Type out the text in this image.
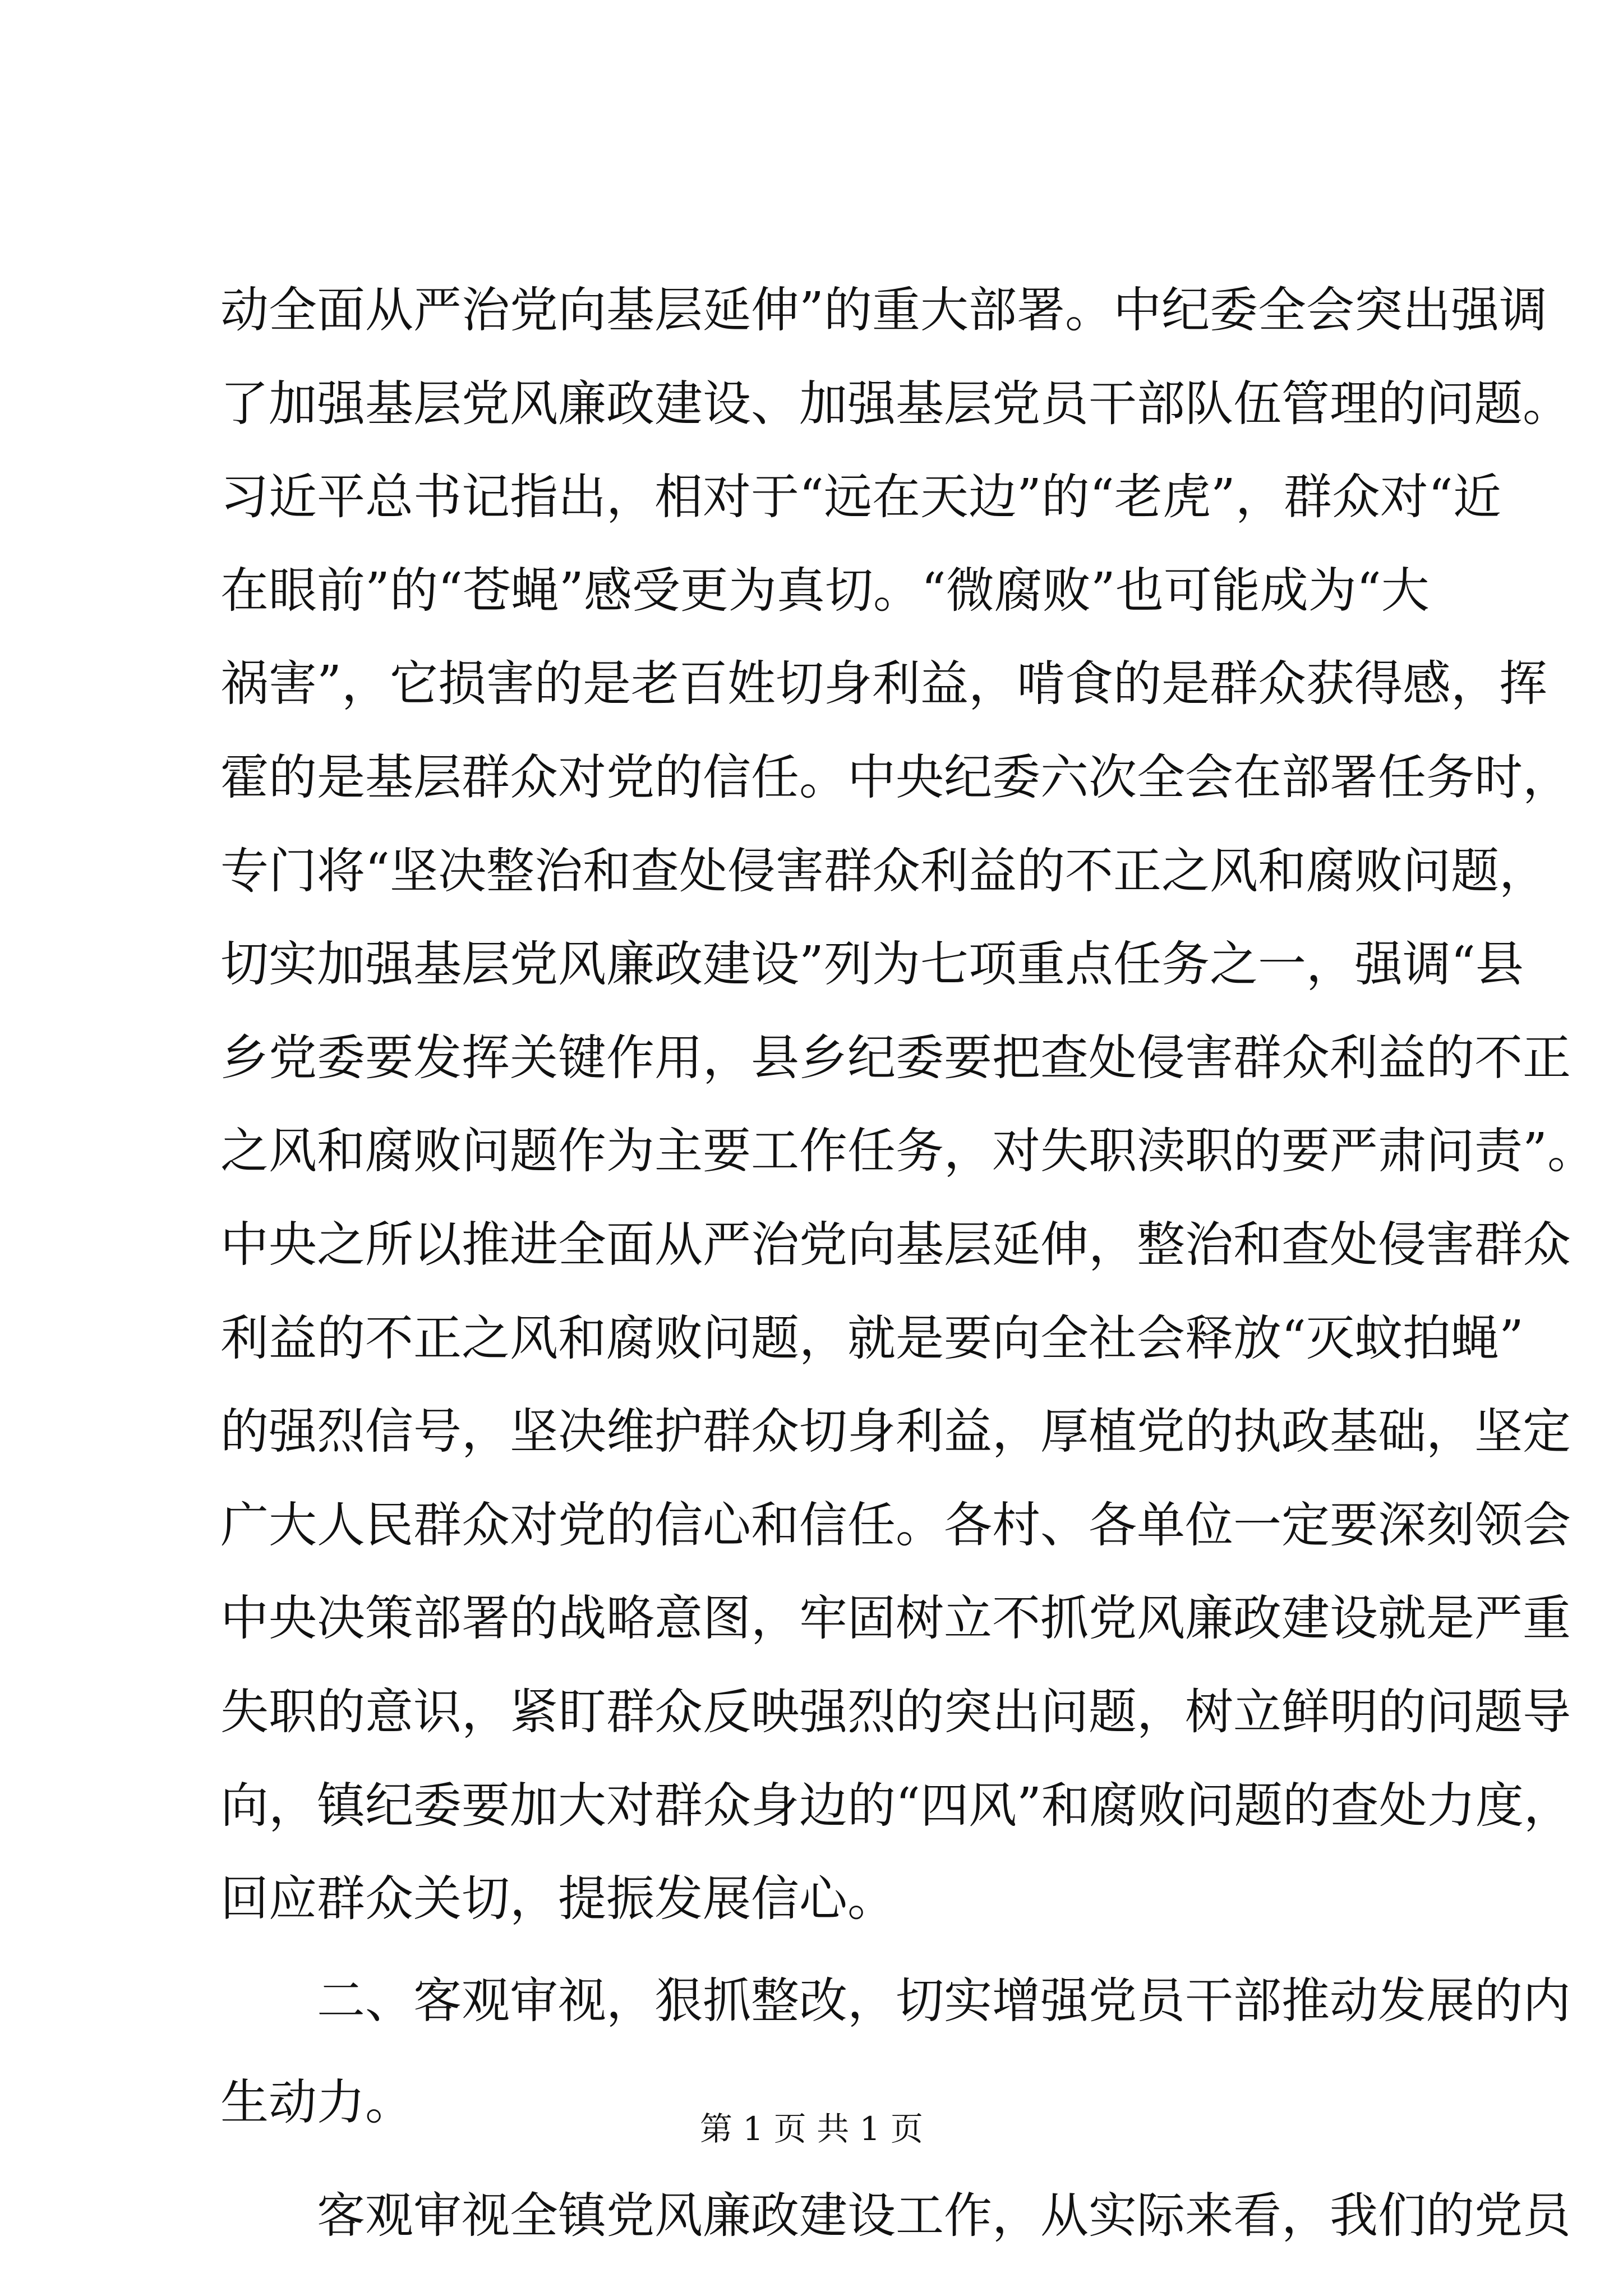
动全面从严治党向基层延伸”的重大部署。中纪委全会突出强调
了加强基层党风廉政建设、加强基层党员干部队伍管理的问题。
习近平总书记指出，相对于“远在天边”的“老虎”，群众对“近
在眼前”的“苍蝇”感受更为真切。“微腐败”也可能成为“大
祸害”，它损害的是老百姓切身利益，啃食的是群众获得感，挥
霍的是基层群众对党的信任。中央纪委六次全会在部署任务时，
专门将“坚决整治和查处侵害群众利益的不正之风和腐败问题，
切实加强基层党风廉政建设”列为七项重点任务之一，强调“县
乡党委要发挥关键作用，县乡纪委要把查处侵害群众利益的不正
之风和腐败问题作为主要工作任务，对失职渎职的要严肃问责”。
中央之所以推进全面从严治党向基层延伸，整治和查处侵害群众
利益的不正之风和腐败问题，就是要向全社会释放“灭蚊拍蝇”
的强烈信号，坚决维护群众切身利益，厚植党的执政基础，坚定
广大人民群众对党的信心和信任。各村、各单位一定要深刻领会
中央决策部署的战略意图，牢固树立不抓党风廉政建设就是严重
失职的意识，紧盯群众反映强烈的突出问题，树立鲜明的问题导
向，镇纪委要加大对群众身边的“四风”和腐败问题的查处力度，
回应群众关切，提振发展信心。
二、客观审视，狠抓整改，切实增强党员干部推动发展的内
生动力。
客观审视全镇党风廉政建设工作，从实际来看，我们的党员
第 1 页 共 1 页
